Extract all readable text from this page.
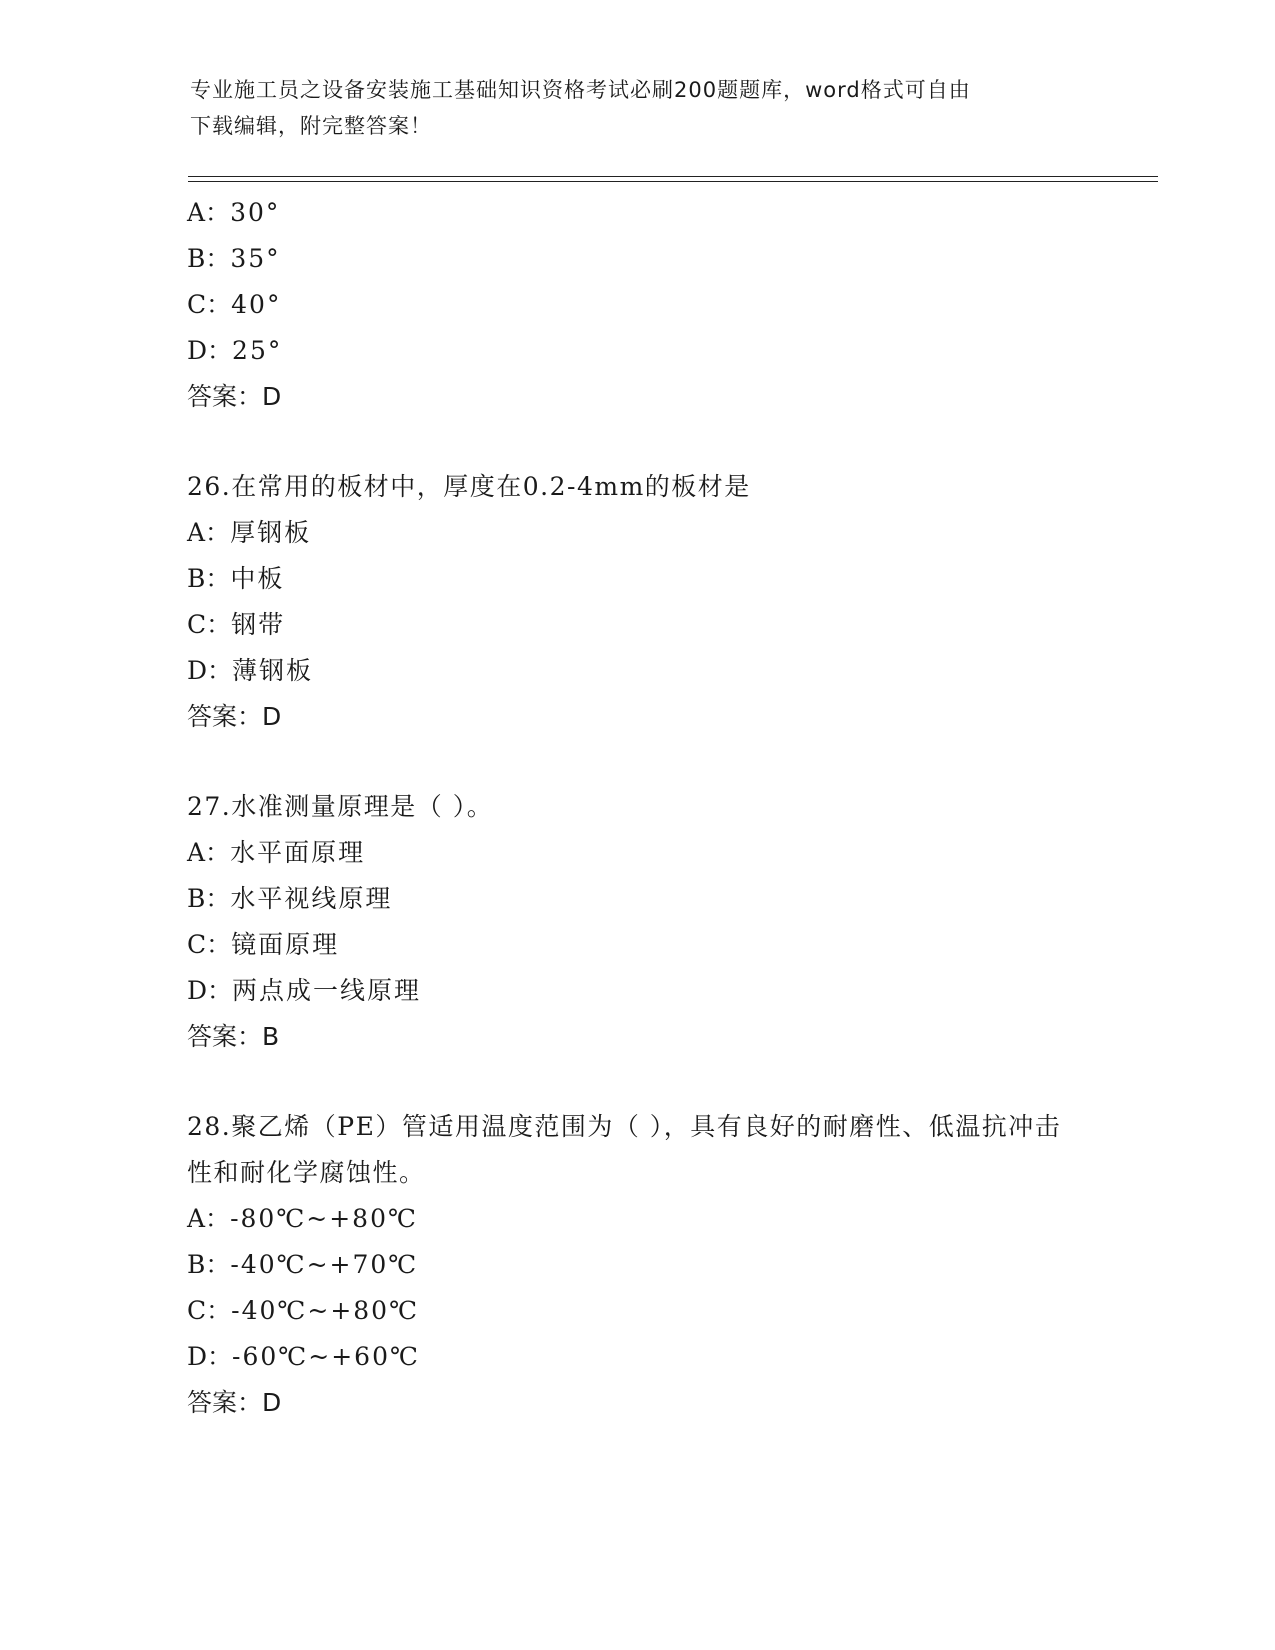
专业施工员之设备安装施工基础知识资格考试必刷200题题库，word格式可自由
下载编辑，附完整答案！
A：30°
B：35°
C：40°
D：25°
答案：D
26.在常用的板材中，厚度在0.2-4mm的板材是
A：厚钢板
B：中板
C：钢带
D：薄钢板
答案：D
27.水准测量原理是（ ）。
A：水平面原理
B：水平视线原理
C：镜面原理
D：两点成一线原理
答案：B
28.聚乙烯（PE）管适用温度范围为（ ），具有良好的耐磨性、低温抗冲击性和耐化学腐蚀性。
A：-80℃~+80℃
B：-40℃~+70℃
C：-40℃~+80℃
D：-60℃~+60℃
答案：D
